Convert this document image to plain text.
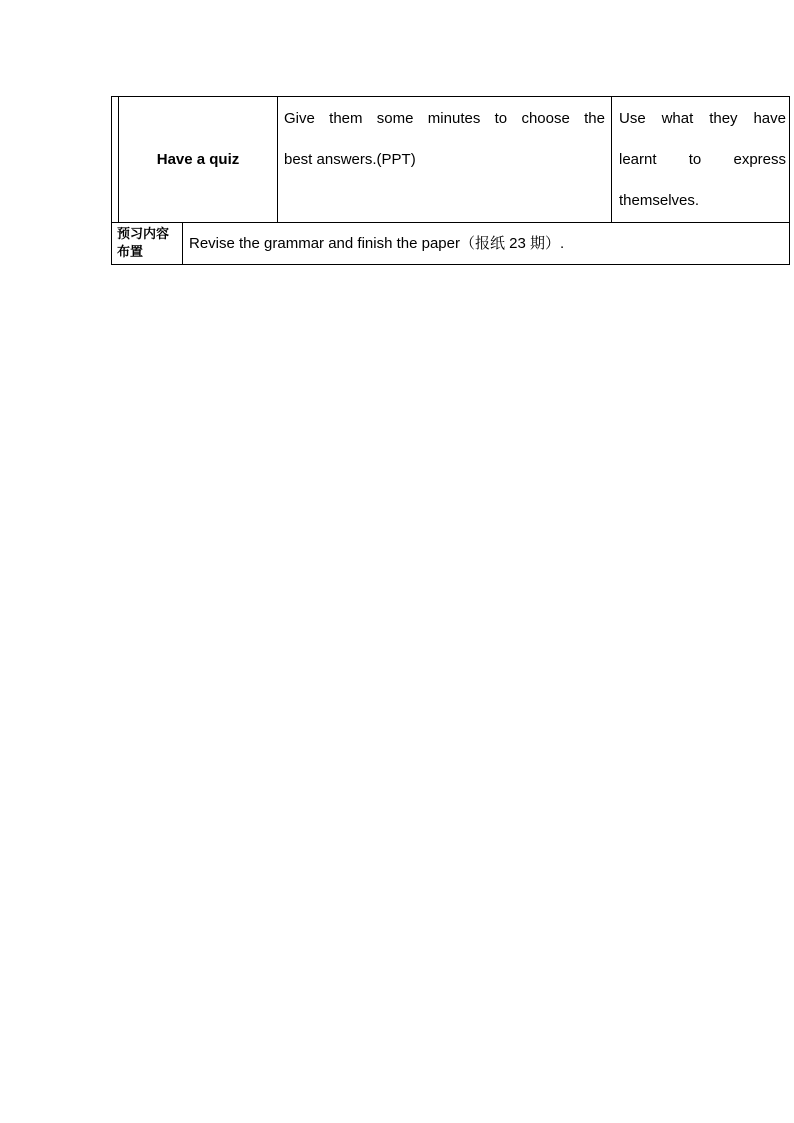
Have a quiz
Give them some minutes to choose the
best answers.(PPT)
Use what they have
learnt to express
themselves.
预习内容
布置	Revise the grammar and finish the paper（报纸 23 期）.
